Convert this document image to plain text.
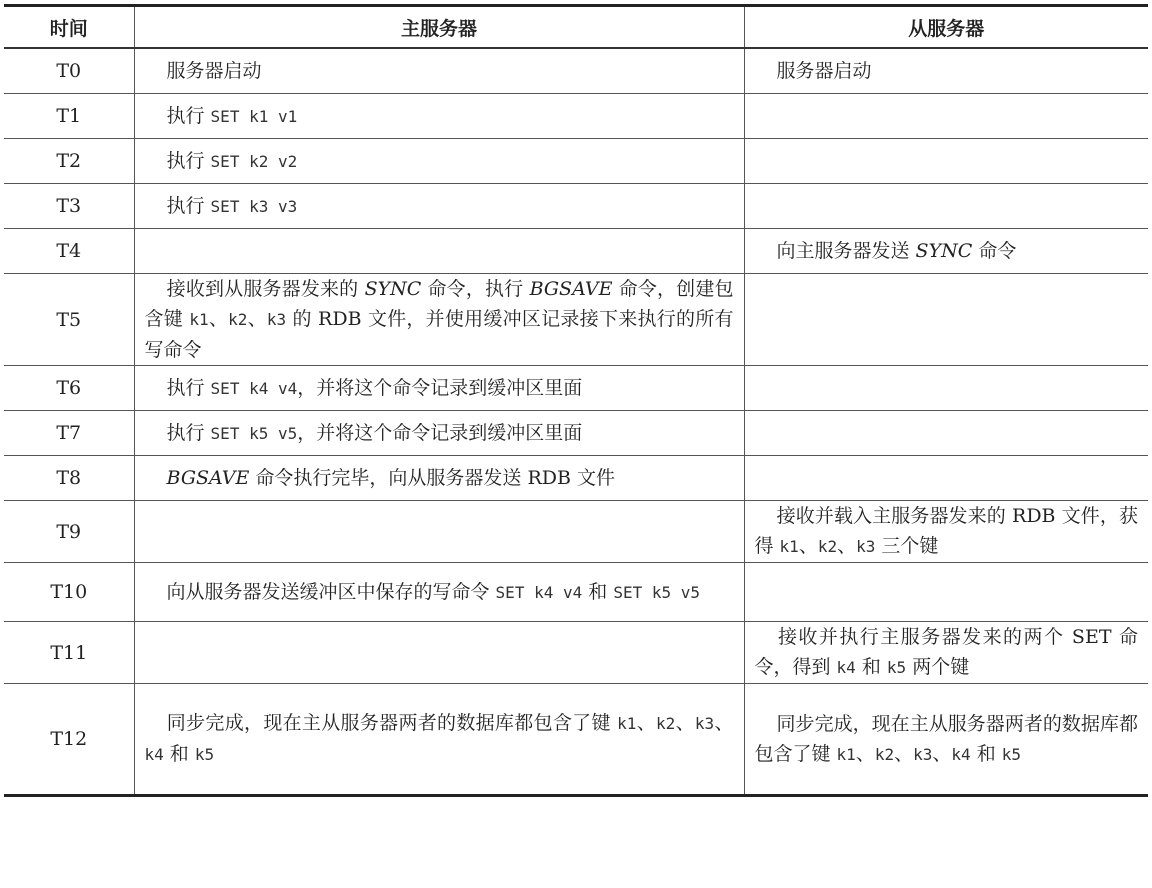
时间	主服务器	从服务器
T0	服务器启动	服务器启动
T1	执行 SET k1 v1	
T2	执行 SET k2 v2	
T3	执行 SET k3 v3	
T4		向主服务器发送 SYNC 命令
T5	接收到从服务器发来的 SYNC 命令，执行 BGSAVE 命令，创建包含键 k1、k2、k3 的 RDB 文件，并使用缓冲区记录接下来执行的所有写命令	
T6	执行 SET k4 v4，并将这个命令记录到缓冲区里面	
T7	执行 SET k5 v5，并将这个命令记录到缓冲区里面	
T8	BGSAVE 命令执行完毕，向从服务器发送 RDB 文件	
T9		接收并载入主服务器发来的 RDB 文件，获得 k1、k2、k3 三个键
T10	向从服务器发送缓冲区中保存的写命令 SET k4 v4 和 SET k5 v5	
T11		接收并执行主服务器发来的两个 SET 命令，得到 k4 和 k5 两个键
T12	同步完成，现在主从服务器两者的数据库都包含了键 k1、k2、k3、k4 和 k5	同步完成，现在主从服务器两者的数据库都包含了键 k1、k2、k3、k4 和 k5
